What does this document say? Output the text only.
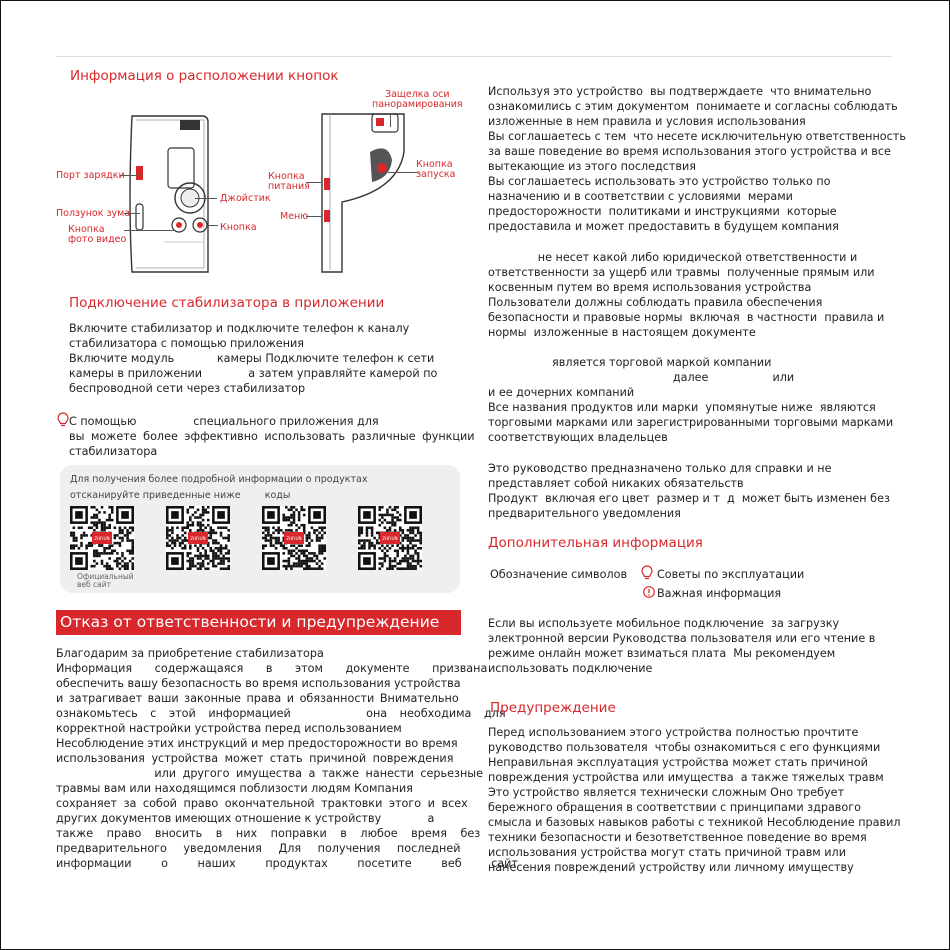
Информация о расположении кнопок
Порт зарядки
Ползунок зума
Кнопка
фото видео
Джойстик
Кнопка
Защелка оси
панорамирования
Кнопка
запуска
Кнопка
питания
Меню
Подключение стабилизатора в приложении
Включите стабилизатор и подключите телефон к каналу
стабилизатора с помощью приложения
Включите модуль            камеры Подключите телефон к сети
камеры в приложении             а затем управляйте камерой по
беспроводной сети через стабилизатор
С помощью                специального приложения для
вы можете более эффективно использовать различные функции
стабилизатора
Для получения более подробной информации о продуктах
отсканируйте приведенные ниже        коды
ZHIYUN	ZHIYUN	ZHIYUN	ZHIYUN
Официальный
веб сайт
Отказ от ответственности и предупреждение
Благодарим за приобретение стабилизатора
Информация содержащаяся в этом документе призвана
обеспечить вашу безопасность во время использования устройства
и затрагивает ваши законные права и обязанности Внимательно
ознакомьтесь с этой информацией      она необходима для
корректной настройки устройства перед использованием
Несоблюдение этих инструкций и мер предосторожности во время
использования устройства может стать причиной повреждения
или другого имущества а также нанести серьезные
травмы вам или находящимся поблизости людям Компания
сохраняет за собой право окончательной трактовки этого и всех
других документов имеющих отношение к устройству             а
также право вносить в них поправки в любое время без
предварительного уведомления Для получения последней
информации о наших продуктах посетите веб сайт
Используя это устройство  вы подтверждаете  что внимательно
ознакомились с этим документом  понимаете и согласны соблюдать
изложенные в нем правила и условия использования
Вы соглашаетесь с тем  что несете исключительную ответственность
за ваше поведение во время использования этого устройства и все
вытекающие из этого последствия
Вы соглашаетесь использовать это устройство только по
назначению и в соответствии с условиями  мерами
предосторожности  политиками и инструкциями  которые
предоставила и может предоставить в будущем компания
не несет какой либо юридической ответственности и
ответственности за ущерб или травмы  полученные прямым или
косвенным путем во время использования устройства
Пользователи должны соблюдать правила обеспечения
безопасности и правовые нормы  включая  в частности  правила и
нормы  изложенные в настоящем документе
является торговой маркой компании
далее                  или
и ее дочерних компаний
Все названия продуктов или марки  упомянутые ниже  являются
торговыми марками или зарегистрированными торговыми марками
соответствующих владельцев
Это руководство предназначено только для справки и не
представляет собой никаких обязательств
Продукт  включая его цвет  размер и т  д  может быть изменен без
предварительного уведомления
Дополнительная информация
Обозначение символов	Советы по эксплуатации
Важная информация
Если вы используете мобильное подключение  за загрузку
электронной версии Руководства пользователя или его чтение в
режиме онлайн может взиматься плата  Мы рекомендуем
использовать подключение
Предупреждение
Перед использованием этого устройства полностью прочтите
руководство пользователя  чтобы ознакомиться с его функциями
Неправильная эксплуатация устройства может стать причиной
повреждения устройства или имущества  а также тяжелых травм
Это устройство является технически сложным Оно требует
бережного обращения в соответствии с принципами здравого
смысла и базовых навыков работы с техникой Несоблюдение правил
техники безопасности и безответственное поведение во время
использования устройства могут стать причиной травм или
нанесения повреждений устройству или личному имуществу
